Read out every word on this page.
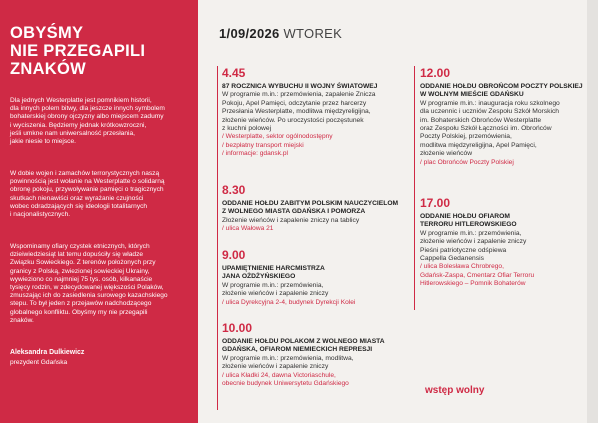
OBYŚMY
NIE PRZEGAPILI
ZNAKÓW
Dla jednych Westerplatte jest pomnikiem historii,
dla innych polem bitwy, dla jeszcze innych symbolem
bohaterskiej obrony ojczyzny albo miejscem zadumy
i wyciszenia. Będziemy jednak krótkowzroczni,
jeśli umkne nam uniwersalność przesłania,
jakie niesie to miejsce.
W dobie wojen i zamachów terrorystycznych naszą
powinnością jest wołanie na Westerplatte o solidarną
obronę pokoju, przywoływanie pamięci o tragicznych
skutkach nienawiści oraz wyrażanie czujności
wobec odradzających się ideologii totalitarnych
i nacjonalistycznych.
Wspominamy ofiary czystek etnicznych, których
dzieiwiedziesiąt lat temu dopuściły się władze
Związku Sowieckiego. Z terenów położonych przy
granicy z Polską, zwiezionej sowieckiej Ukrainy,
wywieziono co najmniej 75 tys. osób, kilkanaście
tysięcy rodzin, w zdecydowanej większości Polaków,
zmuszając ich do zasiedlenia surowego kazachskiego
stepu. To był jeden z przejawów nadchodzącego
globalnego konfliktu. Obyśmy my nie przegapili
znaków.
Aleksandra Dulkiewicz
prezydent Gdańska
1/09/2026 WTOREK
4.45
87 ROCZNICA WYBUCHU II WOJNY ŚWIATOWEJ
W programie m.in.: przemówienia, zapalenie Znicza
Pokoju, Apel Pamięci, odczytanie przez harcerzy
Przesłania Westerplatte, modlitwa międzyreligijna,
złożenie wieńców. Po uroczystości poczęstunek
z kuchni polowej
/ Westerplatte, sektor ogólnodostępny
/ bezpłatny transport miejski
/ informacje: gdansk.pl
8.30
ODDANIE HOŁDU ZABITYM POLSKIM NAUCZYCIELOM
Z WOLNEGO MIASTA GDAŃSKA I POMORZA
Złożenie wieńców i zapalenie zniczy na tablicy
/ ulica Wałowa 21
9.00
UPAMIĘTNIENIE HARCMISTRZA
JANA OŻDŻYŃSKIEGO
W programie m.in.: przemówienia,
złożenie wieńców i zapalenie zniczy
/ ulica Dyrekcyjna 2-4, budynek Dyrekcji Kolei
10.00
ODDANIE HOŁDU POLAKOM Z WOLNEGO MIASTA
GDAŃSKA, OFIAROM NIEMIECKICH REPRESJI
W programie m.in.: przemówienia, modlitwa,
złożenie wieńców i zapalenie zniczy
/ ulica Kładki 24, dawna Victoriaschule,
obecnie budynek Uniwersytetu Gdańskiego
12.00
ODDANIE HOŁDU OBROŃCOM POCZTY POLSKIEJ
W WOLNYM MIEŚCIE GDAŃSKU
W programie m.in.: inauguracja roku szkolnego
dla uczennic i uczniów Zespołu Szkół Morskich
im. Bohaterskich Obrońców Westerplatte
oraz Zespołu Szkół Łączności im. Obrońców
Poczty Polskiej, przemówienia,
modlitwa międzyreligijna, Apel Pamięci,
złożenie wieńców
/ plac Obrońców Poczty Polskiej
17.00
ODDANIE HOŁDU OFIAROM
TERRORU HITLEROWSKIEGO
W programie m.in.: przemówienia,
złożenie wieńców i zapalenie zniczy
Pieśni patriotyczne odśpiewa
Cappella Gedanensis
/ ulica Bolesława Chrobrego,
Gdańsk-Zaspa, Cmentarz Ofiar Terroru
Hitlerowskiego – Pomnik Bohaterów
wstęp wolny
